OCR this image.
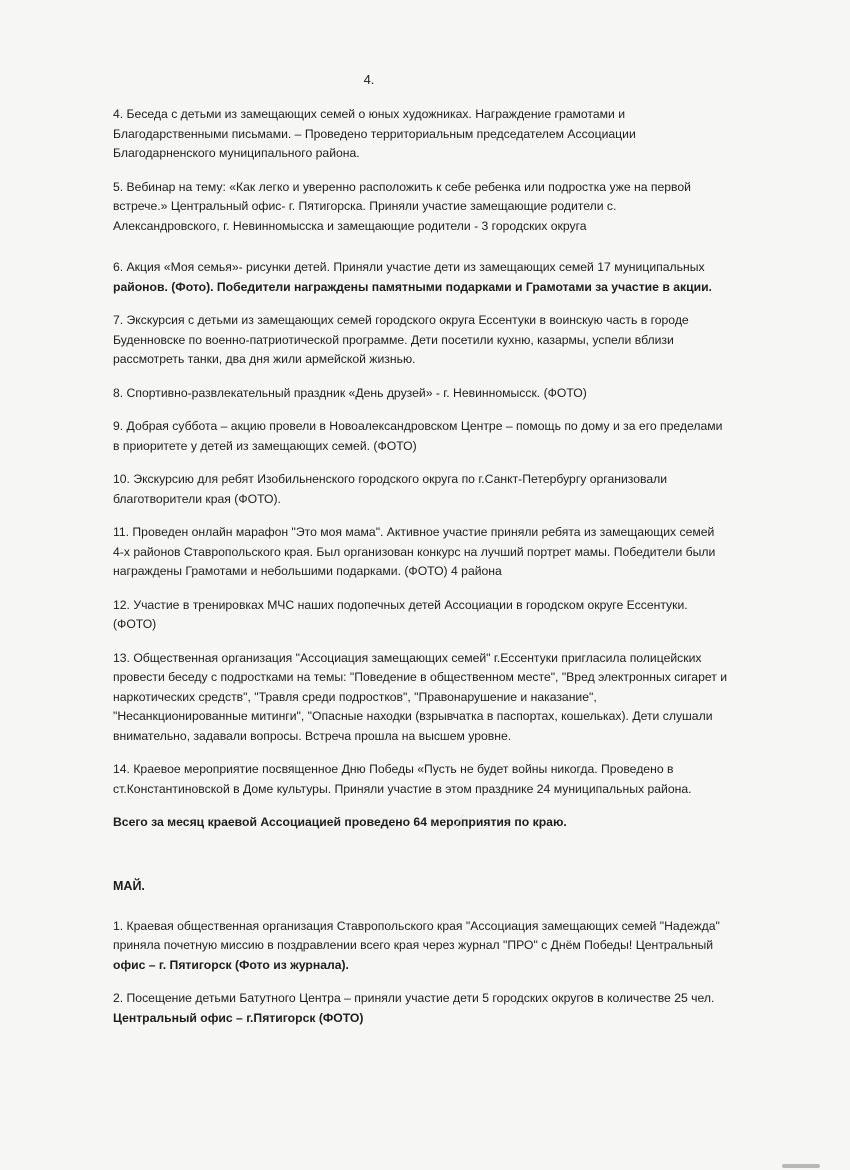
4.

4. Беседа с детьми из замещающих семей о юных художниках. Награждение грамотами и
Благодарственными письмами. – Проведено территориальным председателем Ассоциации
Благодарненского муниципального района.

5. Вебинар на тему: «Как легко и уверенно расположить к себе ребенка или подростка уже на первой
встрече.» Центральный офис- г. Пятигорска. Приняли участие замещающие родители с.
Александровского, г. Невинномысска и замещающие родители - 3 городских округа

6. Акция «Моя семья»- рисунки детей. Приняли участие дети из замещающих семей 17 муниципальных
районов. (Фото). Победители награждены памятными подарками и Грамотами за участие в акции.

7. Экскурсия с детьми из замещающих семей городского округа Ессентуки в воинскую часть в городе
Буденновске по военно-патриотической программе. Дети посетили кухню, казармы, успели вблизи
рассмотреть танки, два дня жили армейской жизнью.

8. Спортивно-развлекательный праздник «День друзей» - г. Невинномысск. (ФОТО)

9. Добрая суббота – акцию провели в Новоалександровском Центре – помощь по дому и за его пределами
в приоритете у детей из замещающих семей. (ФОТО)

10. Экскурсию для ребят Изобильненского городского округа по г.Санкт-Петербургу организовали
благотворители края (ФОТО).

11. Проведен онлайн марафон "Это моя мама". Активное участие приняли ребята из замещающих семей
4-х районов Ставропольского края. Был организован конкурс на лучший портрет мамы. Победители были
награждены Грамотами и небольшими подарками. (ФОТО) 4 района

12. Участие в тренировках МЧС наших подопечных детей Ассоциации в городском округе Ессентуки.
(ФОТО)

13. Общественная организация "Ассоциация замещающих семей" г.Ессентуки пригласила полицейских
провести беседу с подростками на темы: "Поведение в общественном месте", "Вред электронных сигарет и
наркотических средств", "Травля среди подростков", "Правонарушение и наказание",
"Несанкционированные митинги", "Опасные находки (взрывчатка в паспортах, кошельках). Дети слушали
внимательно, задавали вопросы. Встреча прошла на высшем уровне.

14. Краевое мероприятие посвященное Дню Победы «Пусть не будет войны никогда. Проведено в
ст.Константиновской в Доме культуры. Приняли участие в этом празднике 24 муниципальных района.

Всего за месяц краевой Ассоциацией проведено 64 мероприятия по краю.

МАЙ.

1. Краевая общественная организация Ставропольского края "Ассоциация замещающих семей "Надежда"
приняла почетную миссию в поздравлении всего края через журнал "ПРО" с Днём Победы! Центральный
офис – г. Пятигорск (Фото из журнала).

2. Посещение детьми Батутного Центра – приняли участие дети 5 городских округов в количестве 25 чел.
Центральный офис – г.Пятигорск (ФОТО)
